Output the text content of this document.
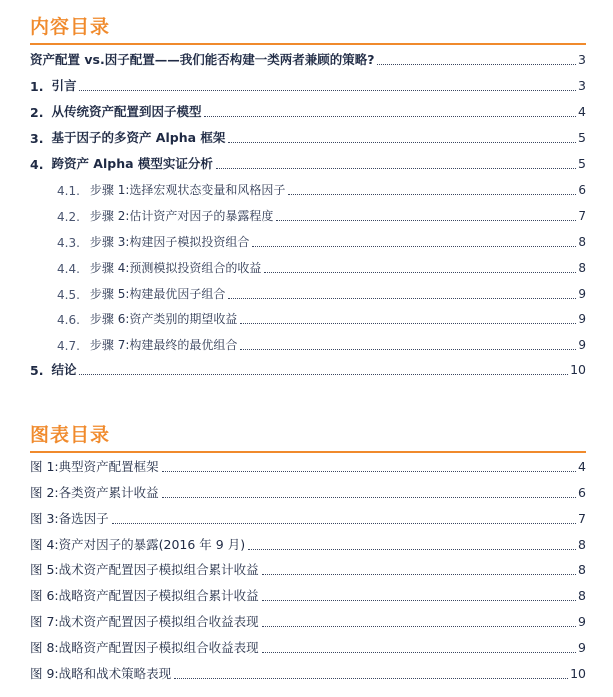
内容目录
资产配置 vs.因子配置——我们能否构建一类两者兼顾的策略?	3
1. 引言	3
2. 从传统资产配置到因子模型	4
3. 基于因子的多资产 Alpha 框架	5
4. 跨资产 Alpha 模型实证分析	5
4.1. 步骤 1:选择宏观状态变量和风格因子	6
4.2. 步骤 2:估计资产对因子的暴露程度	7
4.3. 步骤 3:构建因子模拟投资组合	8
4.4. 步骤 4:预测模拟投资组合的收益	8
4.5. 步骤 5:构建最优因子组合	9
4.6. 步骤 6:资产类别的期望收益	9
4.7. 步骤 7:构建最终的最优组合	9
5. 结论	10
图表目录
图 1:典型资产配置框架	4
图 2:各类资产累计收益	6
图 3:备选因子	7
图 4:资产对因子的暴露(2016 年 9 月)	8
图 5:战术资产配置因子模拟组合累计收益	8
图 6:战略资产配置因子模拟组合累计收益	8
图 7:战术资产配置因子模拟组合收益表现	9
图 8:战略资产配置因子模拟组合收益表现	9
图 9:战略和战术策略表现	10
